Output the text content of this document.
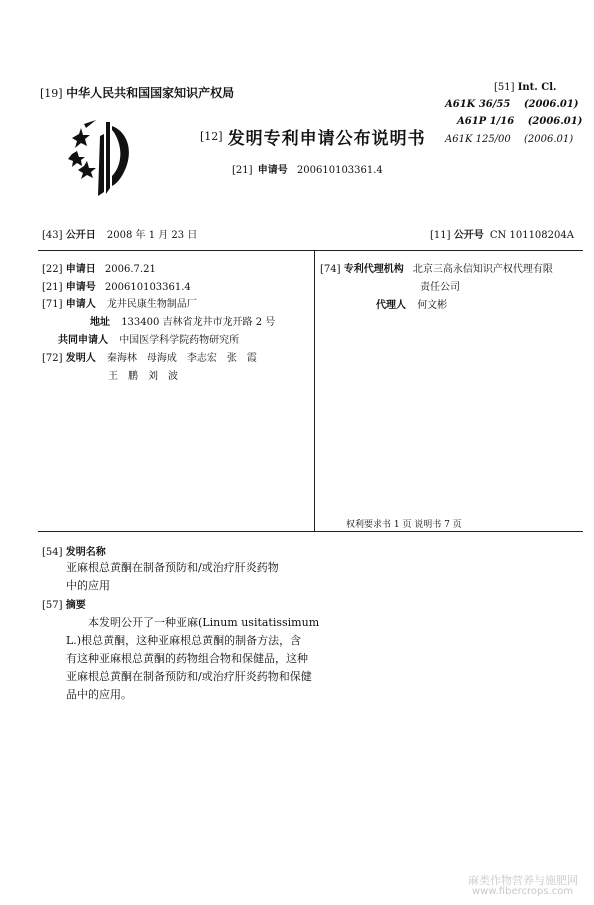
[19] 中华人民共和国国家知识产权局
[12] 发明专利申请公布说明书
[21] 申请号 200610103361.4
[51] Int. Cl.
A61K 36/55 (2006.01)
A61P 1/16 (2006.01)
A61K 125/00 (2006.01)
[43] 公开日 2008 年 1 月 23 日	[11] 公开号 CN 101108204A
[22] 申请日 2006.7.21
[21] 申请号 200610103361.4
[71] 申请人 龙井民康生物制品厂
地址 133400 吉林省龙井市龙开路 2 号
共同申请人 中国医学科学院药物研究所
[72] 发明人 秦海林　母海成　李志宏　张　霞
王　鹏　刘　波
[74] 专利代理机构 北京三高永信知识产权代理有限
责任公司
代理人 何文彬
权利要求书 1 页 说明书 7 页
[54] 发明名称
亚麻根总黄酮在制备预防和/或治疗肝炎药物
中的应用
[57] 摘要
本发明公开了一种亚麻(Linum usitatissimum
L.)根总黄酮，这种亚麻根总黄酮的制备方法，含
有这种亚麻根总黄酮的药物组合物和保健品，这种
亚麻根总黄酮在制备预防和/或治疗肝炎药物和保健
品中的应用。
麻类作物营养与施肥网
www.fibercrops.com
